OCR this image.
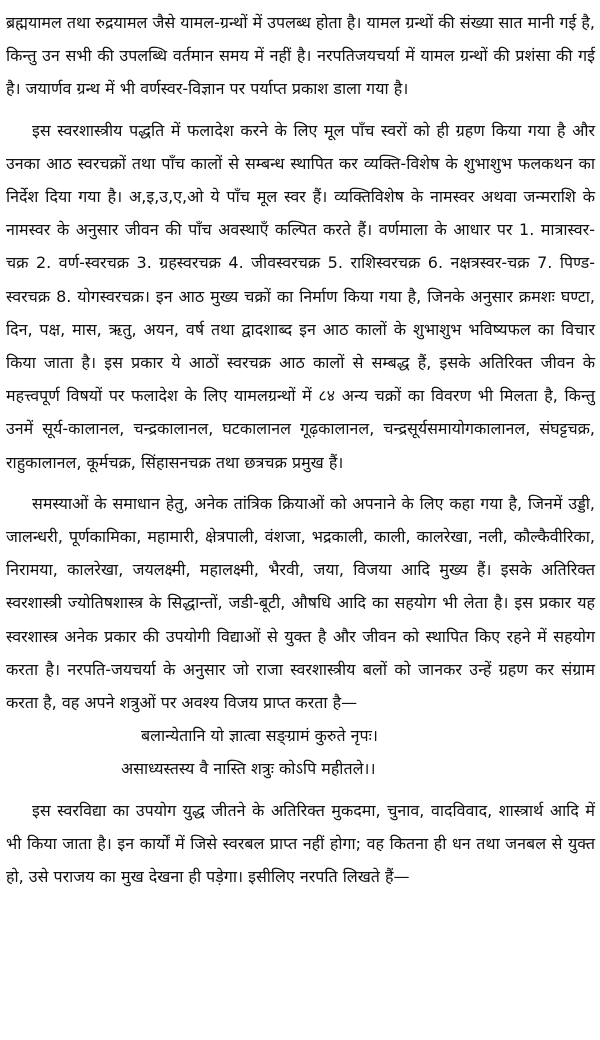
ब्रह्मयामल तथा रुद्रयामल जैसे यामल-ग्रन्थों में उपलब्ध होता है। यामल ग्रन्थों की संख्या सात मानी गई है, किन्तु उन सभी की उपलब्धि वर्तमान समय में नहीं है। नरपतिजयचर्या में यामल ग्रन्थों की प्रशंसा की गई है। जयार्णव ग्रन्थ में भी वर्णस्वर-विज्ञान पर पर्याप्त प्रकाश डाला गया है।

इस स्वरशास्त्रीय पद्धति में फलादेश करने के लिए मूल पाँच स्वरों को ही ग्रहण किया गया है और उनका आठ स्वरचक्रों तथा पाँच कालों से सम्बन्ध स्थापित कर व्यक्ति-विशेष के शुभाशुभ फलकथन का निर्देश दिया गया है। अ,इ,उ,ए,ओ ये पाँच मूल स्वर हैं। व्यक्तिविशेष के नामस्वर अथवा जन्मराशि के नामस्वर के अनुसार जीवन की पाँच अवस्थाएँ कल्पित करते हैं। वर्णमाला के आधार पर 1. मात्रास्वर-चक्र 2. वर्ण-स्वरचक्र 3. ग्रहस्वरचक्र 4. जीवस्वरचक्र 5. राशिस्वरचक्र 6. नक्षत्रस्वर-चक्र 7. पिण्ड-स्वरचक्र 8. योगस्वरचक्र। इन आठ मुख्य चक्रों का निर्माण किया गया है, जिनके अनुसार क्रमशः घण्टा, दिन, पक्ष, मास, ऋतु, अयन, वर्ष तथा द्वादशाब्द इन आठ कालों के शुभाशुभ भविष्यफल का विचार किया जाता है। इस प्रकार ये आठों स्वरचक्र आठ कालों से सम्बद्ध हैं, इसके अतिरिक्त जीवन के महत्त्वपूर्ण विषयों पर फलादेश के लिए यामलग्रन्थों में ८४ अन्य चक्रों का विवरण भी मिलता है, किन्तु उनमें सूर्य-कालानल, चन्द्रकालानल, घटकालानल गूढ़कालानल, चन्द्रसूर्यसमायोगकालानल, संघट्टचक्र, राहुकालानल, कूर्मचक्र, सिंहासनचक्र तथा छत्रचक्र प्रमुख हैं।

समस्याओं के समाधान हेतु, अनेक तांत्रिक क्रियाओं को अपनाने के लिए कहा गया है, जिनमें उड्डी, जालन्धरी, पूर्णकामिका, महामारी, क्षेत्रपाली, वंशजा, भद्रकाली, काली, कालरेखा, नली, कौल्कैवीरिका, निरामया, कालरेखा, जयलक्ष्मी, महालक्ष्मी, भैरवी, जया, विजया आदि मुख्य हैं। इसके अतिरिक्त स्वरशास्त्री ज्योतिषशास्त्र के सिद्धान्तों, जडी-बूटी, औषधि आदि का सहयोग भी लेता है। इस प्रकार यह स्वरशास्त्र अनेक प्रकार की उपयोगी विद्याओं से युक्त है और जीवन को स्थापित किए रहने में सहयोग करता है। नरपति-जयचर्या के अनुसार जो राजा स्वरशास्त्रीय बलों को जानकर उन्हें ग्रहण कर संग्राम करता है, वह अपने शत्रुओं पर अवश्य विजय प्राप्त करता है—

बलान्येतानि यो ज्ञात्वा सङ्ग्रामं कुरुते नृपः।

असाध्यस्तस्य वै नास्ति शत्रुः कोऽपि महीतले।।

इस स्वरविद्या का उपयोग युद्ध जीतने के अतिरिक्त मुकदमा, चुनाव, वादविवाद, शास्त्रार्थ आदि में भी किया जाता है। इन कार्यों में जिसे स्वरबल प्राप्त नहीं होगा; वह कितना ही धन तथा जनबल से युक्त हो, उसे पराजय का मुख देखना ही पड़ेगा। इसीलिए नरपति लिखते हैं—
